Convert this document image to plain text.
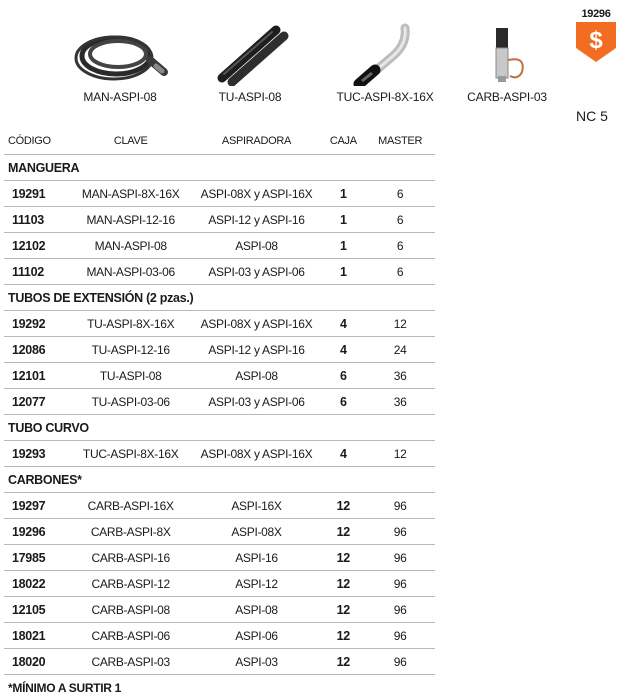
MAN-ASPI-08	TU-ASPI-08	TUC-ASPI-8X-16X	CARB-ASPI-03
19296
$
NC 5
CÓDIGO	CLAVE	ASPIRADORA	CAJA	MASTER
MANGUERA				
19291	MAN-ASPI-8X-16X	ASPI-08X y ASPI-16X	1	6
11103	MAN-ASPI-12-16	ASPI-12 y ASPI-16	1	6
12102	MAN-ASPI-08	ASPI-08	1	6
11102	MAN-ASPI-03-06	ASPI-03 y ASPI-06	1	6
TUBOS DE EXTENSIÓN (2 pzas.)				
19292	TU-ASPI-8X-16X	ASPI-08X y ASPI-16X	4	12
12086	TU-ASPI-12-16	ASPI-12 y ASPI-16	4	24
12101	TU-ASPI-08	ASPI-08	6	36
12077	TU-ASPI-03-06	ASPI-03 y ASPI-06	6	36
TUBO CURVO				
19293	TUC-ASPI-8X-16X	ASPI-08X y ASPI-16X	4	12
CARBONES*				
19297	CARB-ASPI-16X	ASPI-16X	12	96
19296	CARB-ASPI-8X	ASPI-08X	12	96
17985	CARB-ASPI-16	ASPI-16	12	96
18022	CARB-ASPI-12	ASPI-12	12	96
12105	CARB-ASPI-08	ASPI-08	12	96
18021	CARB-ASPI-06	ASPI-06	12	96
18020	CARB-ASPI-03	ASPI-03	12	96
*MÍNIMO A SURTIR 1				
